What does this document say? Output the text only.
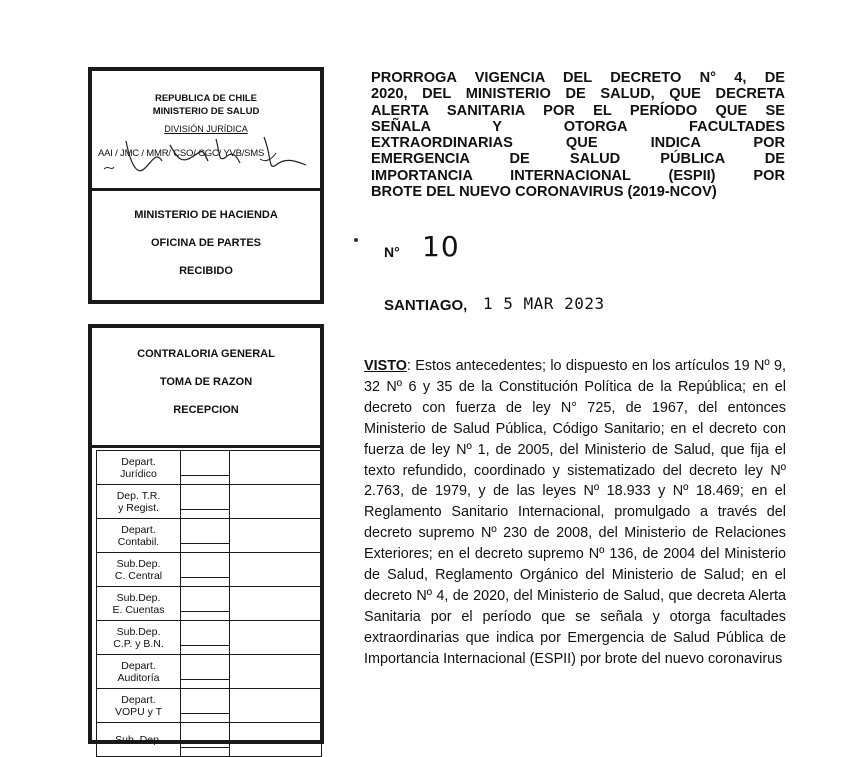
REPUBLICA DE CHILE
MINISTERIO DE SALUD
DIVISIÓN JURÍDICA
AAI / JMC / MMR/ CSO/ CGC/ YVB/SMS
MINISTERIO DE HACIENDA
OFICINA DE PARTES
RECIBIDO
CONTRALORIA GENERAL
TOMA DE RAZON
RECEPCION
Depart.
Jurídico		

Dep. T.R.
y Regist.		

Depart.
Contabil.		

Sub.Dep.
C. Central		

Sub.Dep.
E. Cuentas		

Sub.Dep.
C.P. y B.N.		

Depart.
Auditoría		

Depart.
VOPU y T		

Sub. Dep.		

PRORROGA VIGENCIA DEL DECRETO N° 4, DE
2020, DEL MINISTERIO DE SALUD, QUE DECRETA
ALERTA SANITARIA POR EL PERÍODO QUE SE
SEÑALA Y OTORGA FACULTADES
EXTRAORDINARIAS QUE INDICA POR
EMERGENCIA DE SALUD PÚBLICA DE
IMPORTANCIA INTERNACIONAL (ESPII) POR
BROTE DEL NUEVO CORONAVIRUS (2019-NCOV)
N° 10
SANTIAGO, 1 5 MAR 2023
VISTO: Estos antecedentes; lo dispuesto en los artículos 19 Nº 9, 32 Nº 6 y 35 de la Constitución Política de la República; en el decreto con fuerza de ley N° 725, de 1967, del entonces Ministerio de Salud Pública, Código Sanitario; en el decreto con fuerza de ley Nº 1, de 2005, del Ministerio de Salud, que fija el texto refundido, coordinado y sistematizado del decreto ley Nº 2.763, de 1979, y de las leyes Nº 18.933 y Nº 18.469; en el Reglamento Sanitario Internacional, promulgado a través del decreto supremo Nº 230 de 2008, del Ministerio de Relaciones Exteriores; en el decreto supremo Nº 136, de 2004 del Ministerio de Salud, Reglamento Orgánico del Ministerio de Salud; en el decreto Nº 4, de 2020, del Ministerio de Salud, que decreta Alerta Sanitaria por el período que se señala y otorga facultades extraordinarias que indica por Emergencia de Salud Pública de Importancia Internacional (ESPII) por brote del nuevo coronavirus
